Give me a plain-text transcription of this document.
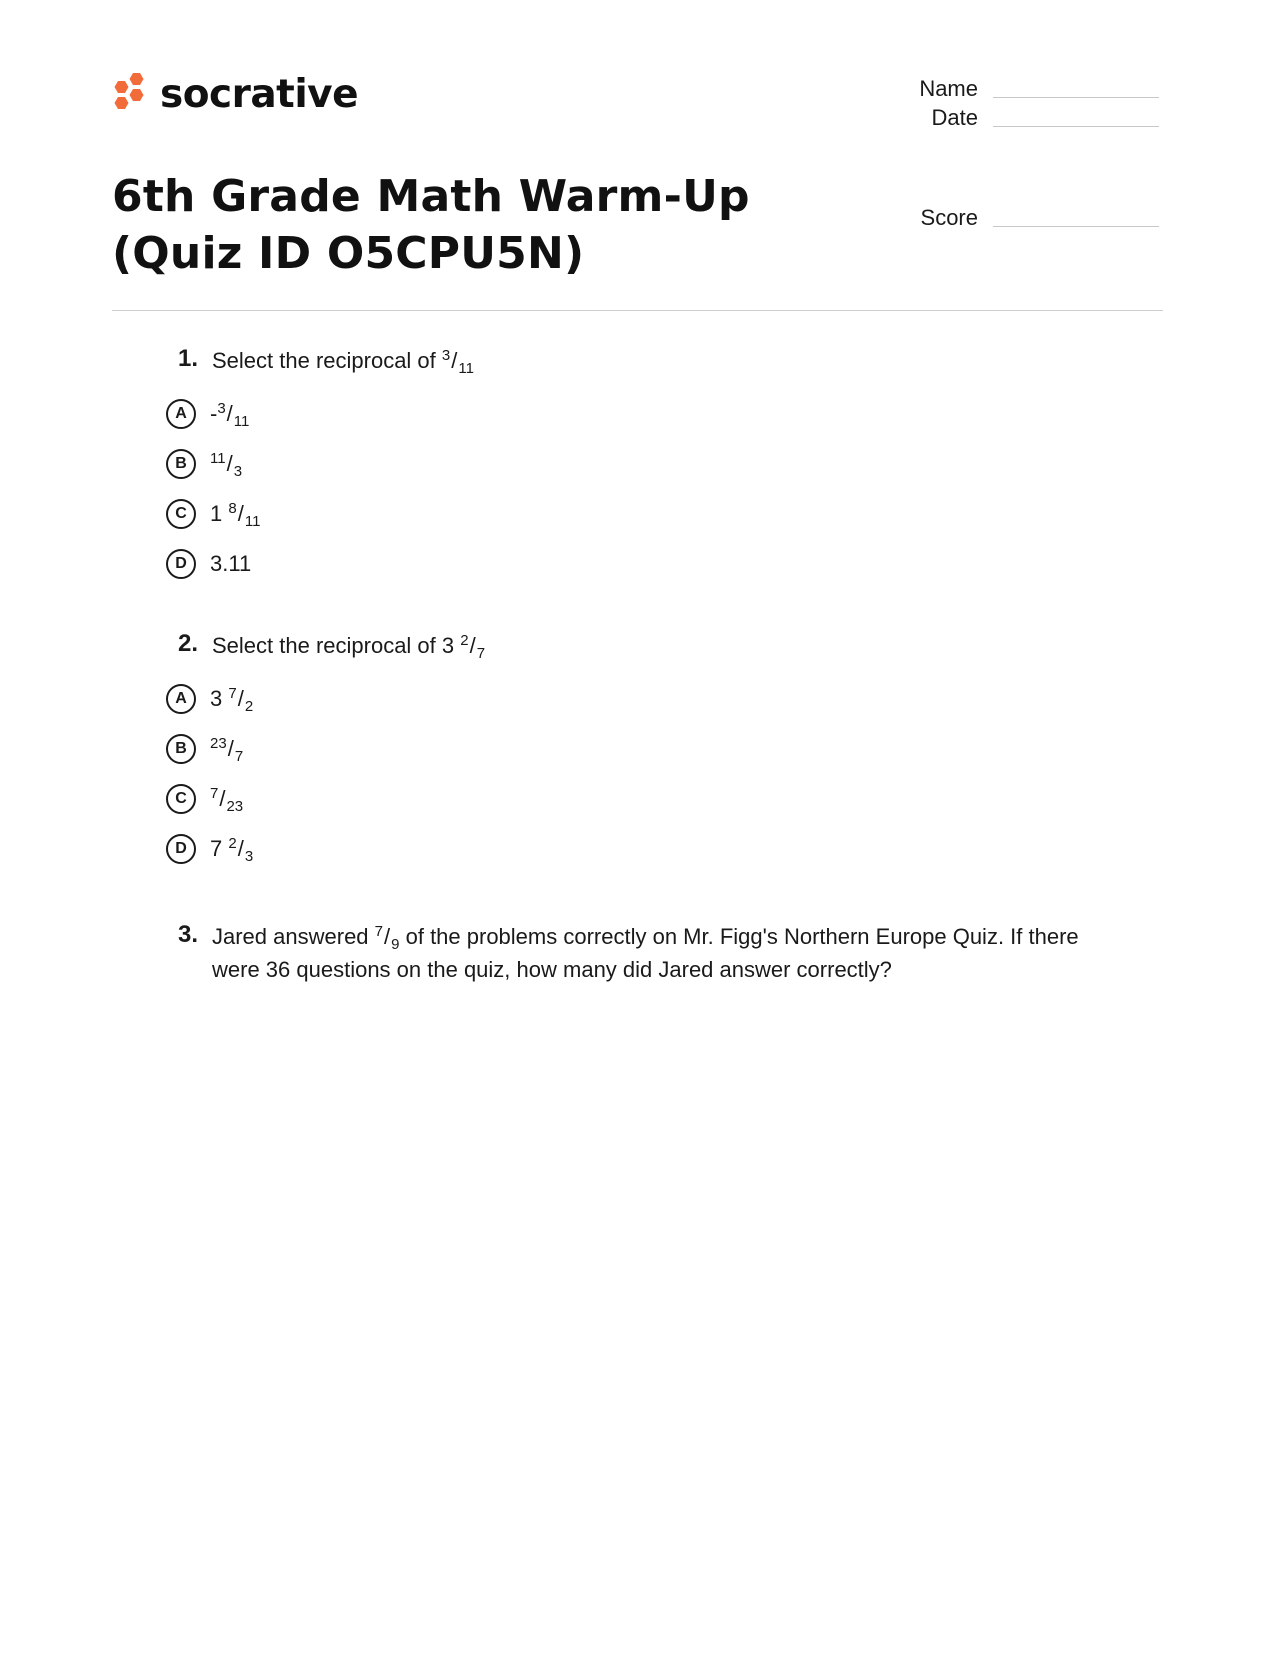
socrative	Name
Date
Score
6th Grade Math Warm-Up (Quiz ID O5CPU5N)
1. Select the reciprocal of $^3/_{11}$
A	$-^3/_{11}$
B	$^{11}/_3$
C	1 $^8/_{11}$
D	3.11
2. Select the reciprocal of 3 $^2/_7$
A	3 $^7/_2$
B	$^{23}/_7$
C	$^7/_{23}$
D	7 $^2/_3$
3. Jared answered $^7/_9$ of the problems correctly on Mr. Figg's Northern Europe Quiz. If there were 36 questions on the quiz, how many did Jared answer correctly?
